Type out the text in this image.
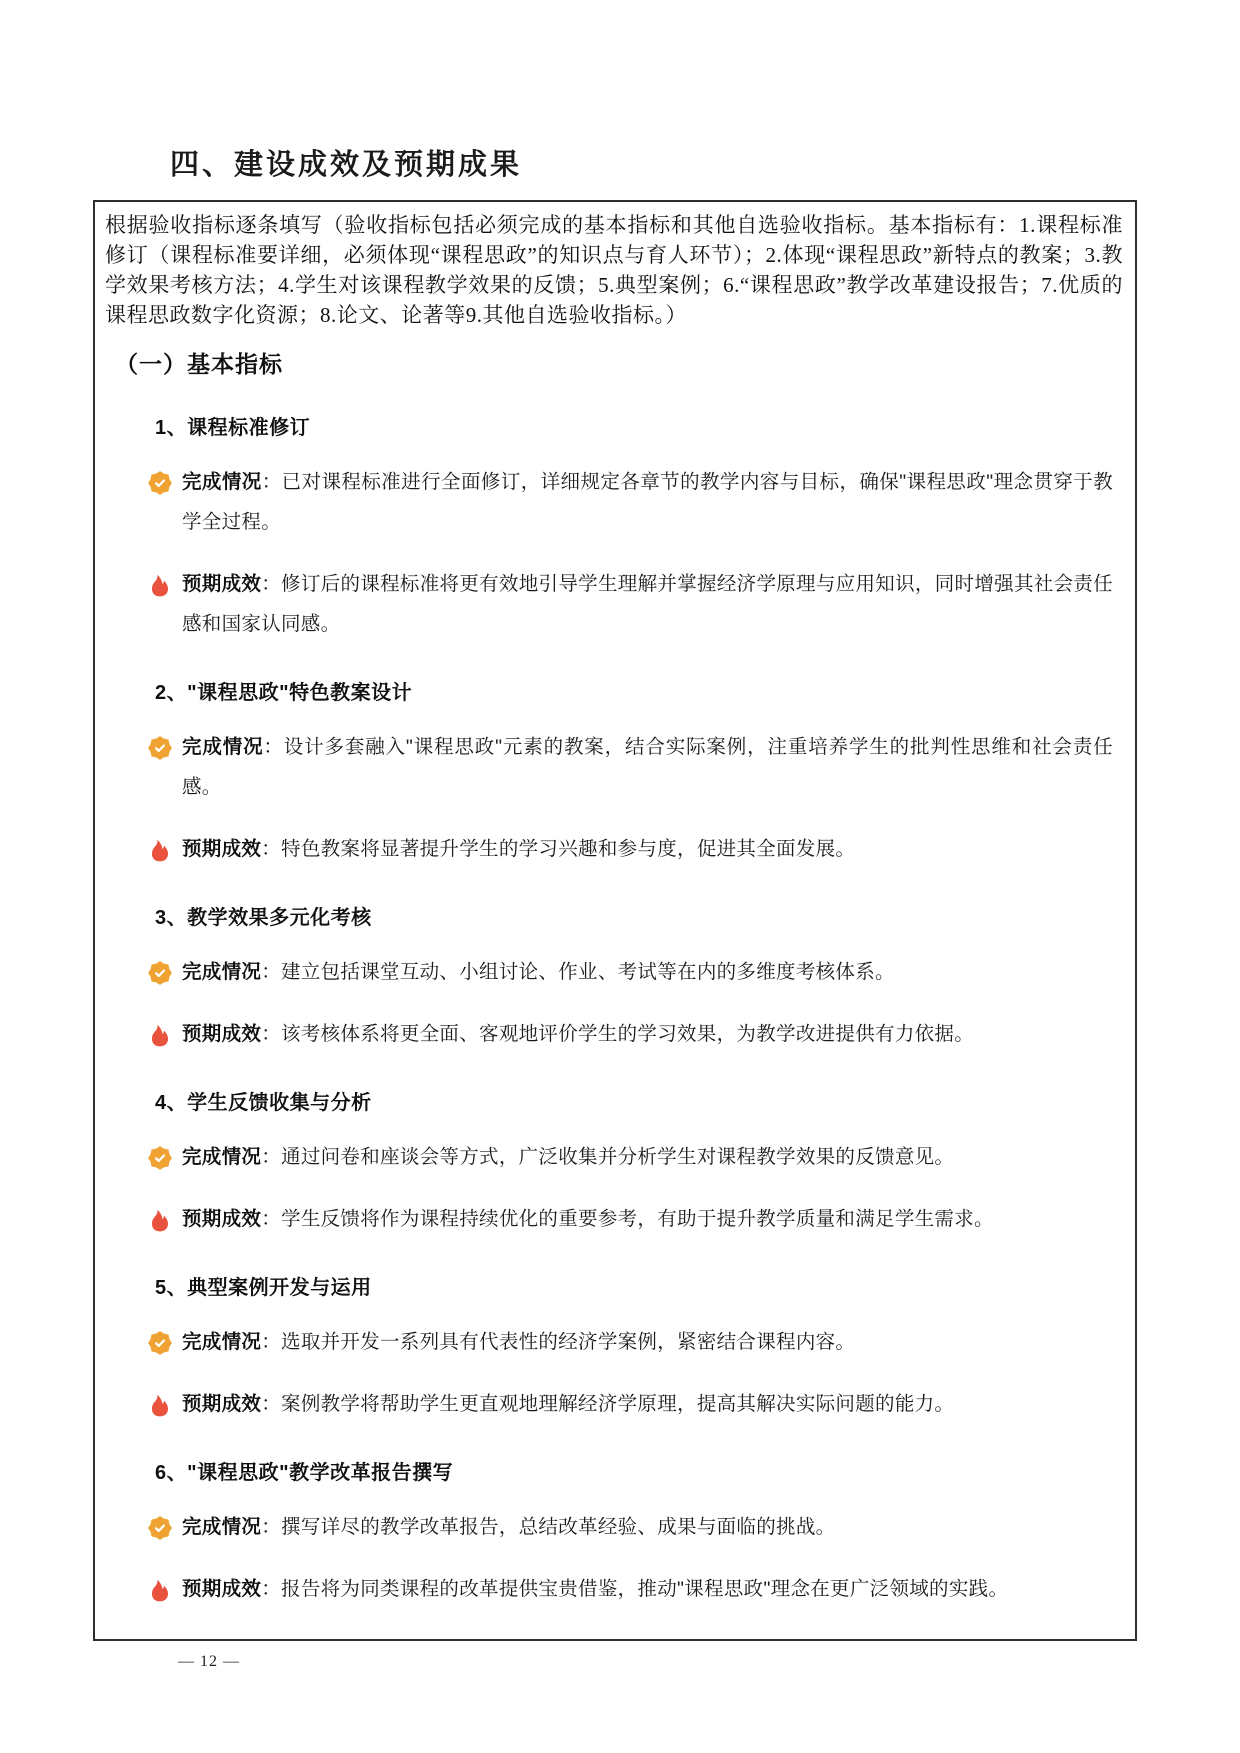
四、建设成效及预期成果

根据验收指标逐条填写（验收指标包括必须完成的基本指标和其他自选验收指标。基本指标有：1.课程标准修订（课程标准要详细，必须体现“课程思政”的知识点与育人环节）；2.体现“课程思政”新特点的教案；3.教学效果考核方法；4.学生对该课程教学效果的反馈；5.典型案例；6.“课程思政”教学改革建设报告；7.优质的课程思政数字化资源；8.论文、论著等9.其他自选验收指标。）

（一）基本指标
1、课程标准修订

完成情况：已对课程标准进行全面修订，详细规定各章节的教学内容与目标，确保"课程思政"理念贯穿于教学全过程。

预期成效：修订后的课程标准将更有效地引导学生理解并掌握经济学原理与应用知识，同时增强其社会责任感和国家认同感。

2、"课程思政"特色教案设计

完成情况：设计多套融入"课程思政"元素的教案，结合实际案例，注重培养学生的批判性思维和社会责任感。

预期成效：特色教案将显著提升学生的学习兴趣和参与度，促进其全面发展。

3、教学效果多元化考核

完成情况：建立包括课堂互动、小组讨论、作业、考试等在内的多维度考核体系。

预期成效：该考核体系将更全面、客观地评价学生的学习效果，为教学改进提供有力依据。

4、学生反馈收集与分析

完成情况：通过问卷和座谈会等方式，广泛收集并分析学生对课程教学效果的反馈意见。

预期成效：学生反馈将作为课程持续优化的重要参考，有助于提升教学质量和满足学生需求。

5、典型案例开发与运用

完成情况：选取并开发一系列具有代表性的经济学案例，紧密结合课程内容。

预期成效：案例教学将帮助学生更直观地理解经济学原理，提高其解决实际问题的能力。

6、"课程思政"教学改革报告撰写

完成情况：撰写详尽的教学改革报告，总结改革经验、成果与面临的挑战。

预期成效：报告将为同类课程的改革提供宝贵借鉴，推动"课程思政"理念在更广泛领域的实践。

— 12 —
